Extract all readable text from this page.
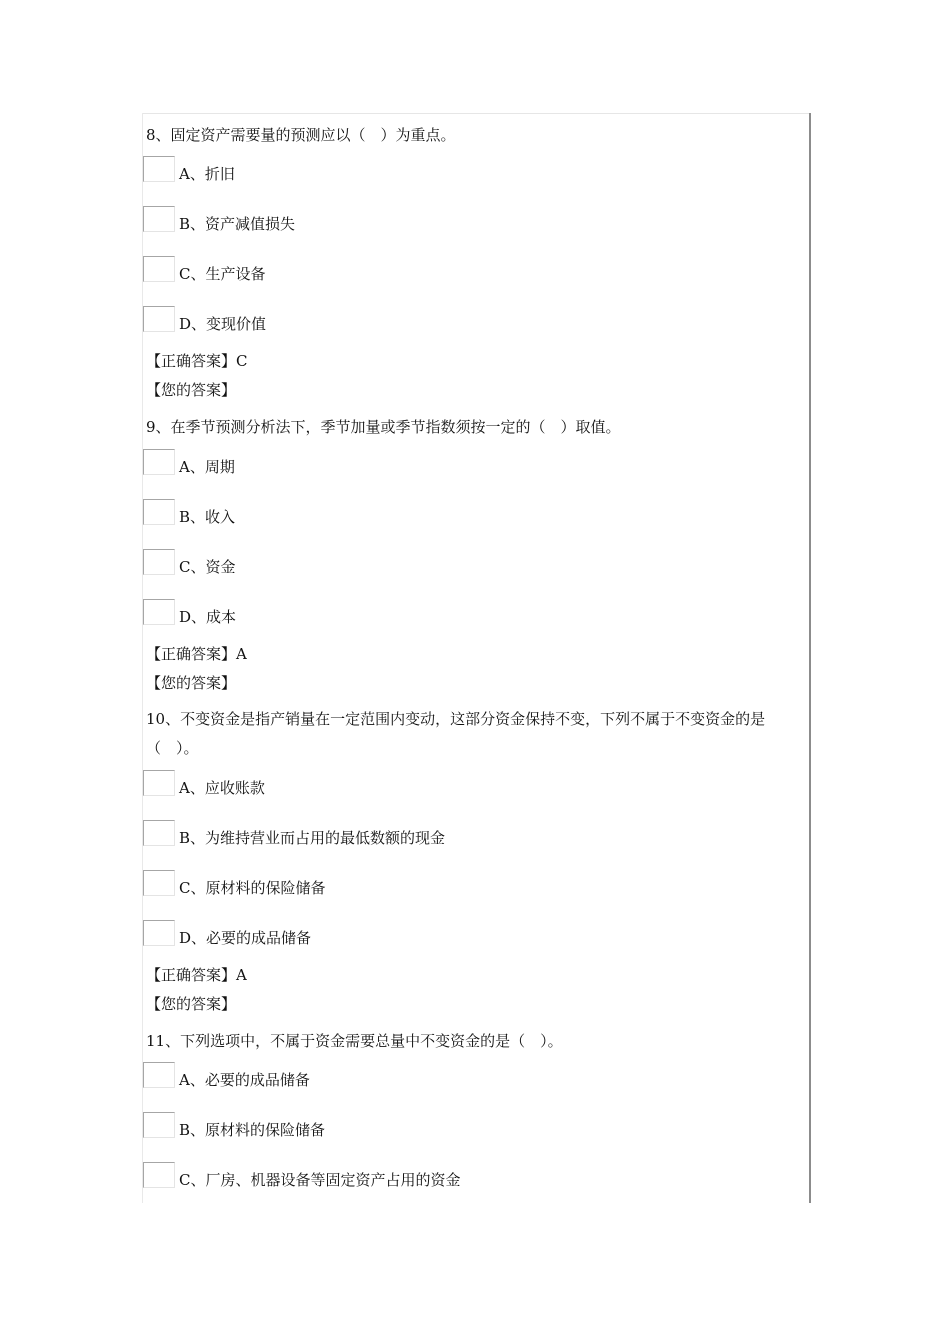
8、固定资产需要量的预测应以（　）为重点。
A、折旧
B、资产减值损失
C、生产设备
D、变现价值
【正确答案】C
【您的答案】
9、在季节预测分析法下，季节加量或季节指数须按一定的（　）取值。
A、周期
B、收入
C、资金
D、成本
【正确答案】A
【您的答案】
10、不变资金是指产销量在一定范围内变动，这部分资金保持不变，下列不属于不变资金的是（　）。
A、应收账款
B、为维持营业而占用的最低数额的现金
C、原材料的保险储备
D、必要的成品储备
【正确答案】A
【您的答案】
11、下列选项中，不属于资金需要总量中不变资金的是（　）。
A、必要的成品储备
B、原材料的保险储备
C、厂房、机器设备等固定资产占用的资金
